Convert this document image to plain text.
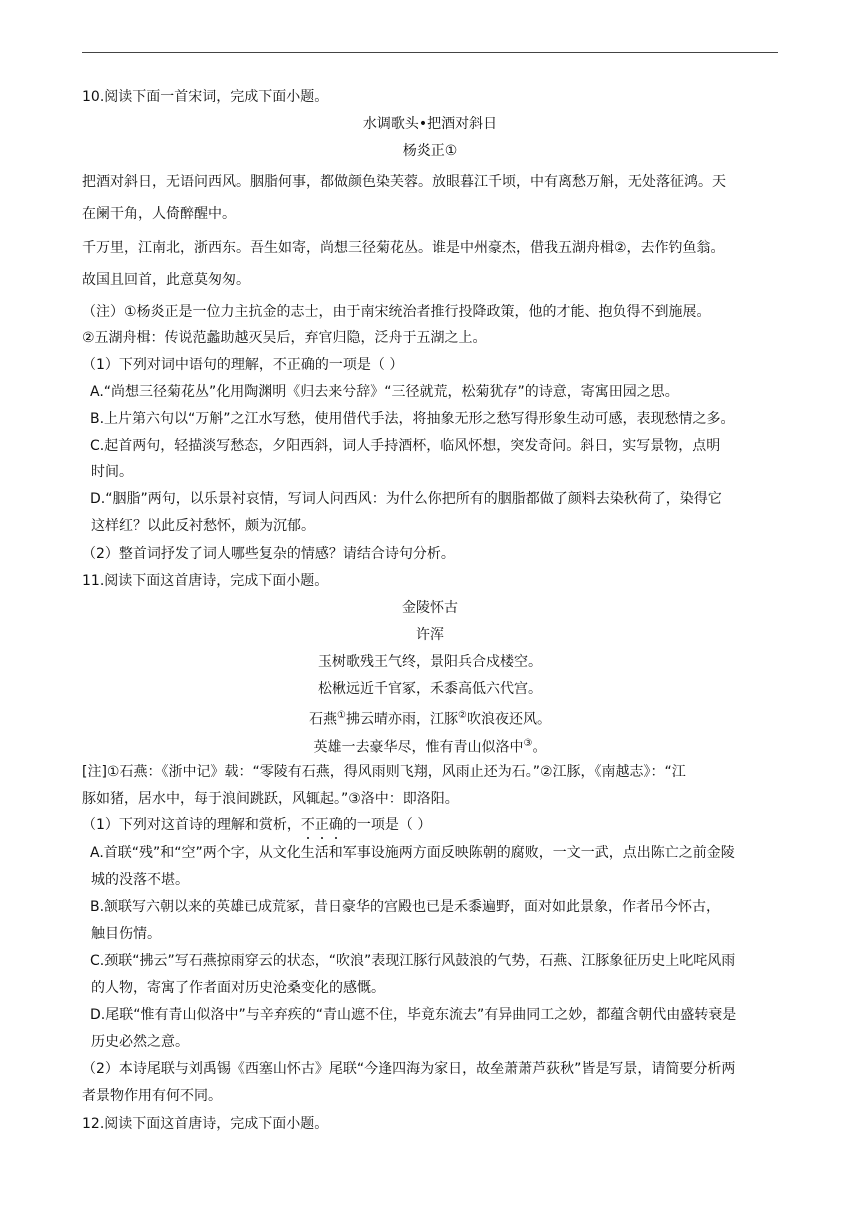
10.阅读下面一首宋词，完成下面小题。
水调歌头•把酒对斜日
杨炎正①
把酒对斜日，无语问西风。胭脂何事，都做颜色染芙蓉。放眼暮江千顷，中有离愁万斛，无处落征鸿。天
在阑干角，人倚醉醒中。
千万里，江南北，浙西东。吾生如寄，尚想三径菊花丛。谁是中州豪杰，借我五湖舟楫②，去作钓鱼翁。
故国且回首，此意莫匆匆。
（注）①杨炎正是一位力主抗金的志士，由于南宋统治者推行投降政策，他的才能、抱负得不到施展。
②五湖舟楫：传说范蠡助越灭吴后，弃官归隐，泛舟于五湖之上。
（1）下列对词中语句的理解，不正确的一项是（ ）
A.“尚想三径菊花丛”化用陶渊明《归去来兮辞》“三径就荒，松菊犹存”的诗意，寄寓田园之思。
B.上片第六句以“万斛”之江水写愁，使用借代手法，将抽象无形之愁写得形象生动可感，表现愁情之多。
C.起首两句，轻描淡写愁态，夕阳西斜，词人手持酒杯，临风怀想，突发奇问。斜日，实写景物，点明
时间。
D.“胭脂”两句，以乐景衬哀情，写词人问西风：为什么你把所有的胭脂都做了颜料去染秋荷了，染得它
这样红？以此反衬愁怀，颇为沉郁。
（2）整首词抒发了词人哪些复杂的情感？请结合诗句分析。
11.阅读下面这首唐诗，完成下面小题。
金陵怀古
许浑
玉树歌残王气终，景阳兵合戍楼空。
松楸远近千官冢，禾黍高低六代宫。
石燕①拂云晴亦雨，江豚②吹浪夜还风。
英雄一去豪华尽，惟有青山似洛中③。
[注]①石燕：《浙中记》载：“零陵有石燕，得风雨则飞翔，风雨止还为石。”②江豚，《南越志》：“江
豚如猪，居水中，每于浪间跳跃，风辄起。”③洛中：即洛阳。
（1）下列对这首诗的理解和赏析，不正确的一项是（ ）
A.首联“残”和“空”两个字，从文化生活和军事设施两方面反映陈朝的腐败，一文一武，点出陈亡之前金陵
城的没落不堪。
B.颔联写六朝以来的英雄已成荒冢，昔日豪华的宫殿也已是禾黍遍野，面对如此景象，作者吊今怀古，
触目伤情。
C.颈联“拂云”写石燕掠雨穿云的状态，“吹浪”表现江豚行风鼓浪的气势，石燕、江豚象征历史上叱咤风雨
的人物，寄寓了作者面对历史沧桑变化的感慨。
D.尾联“惟有青山似洛中”与辛弃疾的“青山遮不住，毕竟东流去”有异曲同工之妙，都蕴含朝代由盛转衰是
历史必然之意。
（2）本诗尾联与刘禹锡《西塞山怀古》尾联“今逢四海为家日，故垒萧萧芦荻秋”皆是写景，请简要分析两
者景物作用有何不同。
12.阅读下面这首唐诗，完成下面小题。
